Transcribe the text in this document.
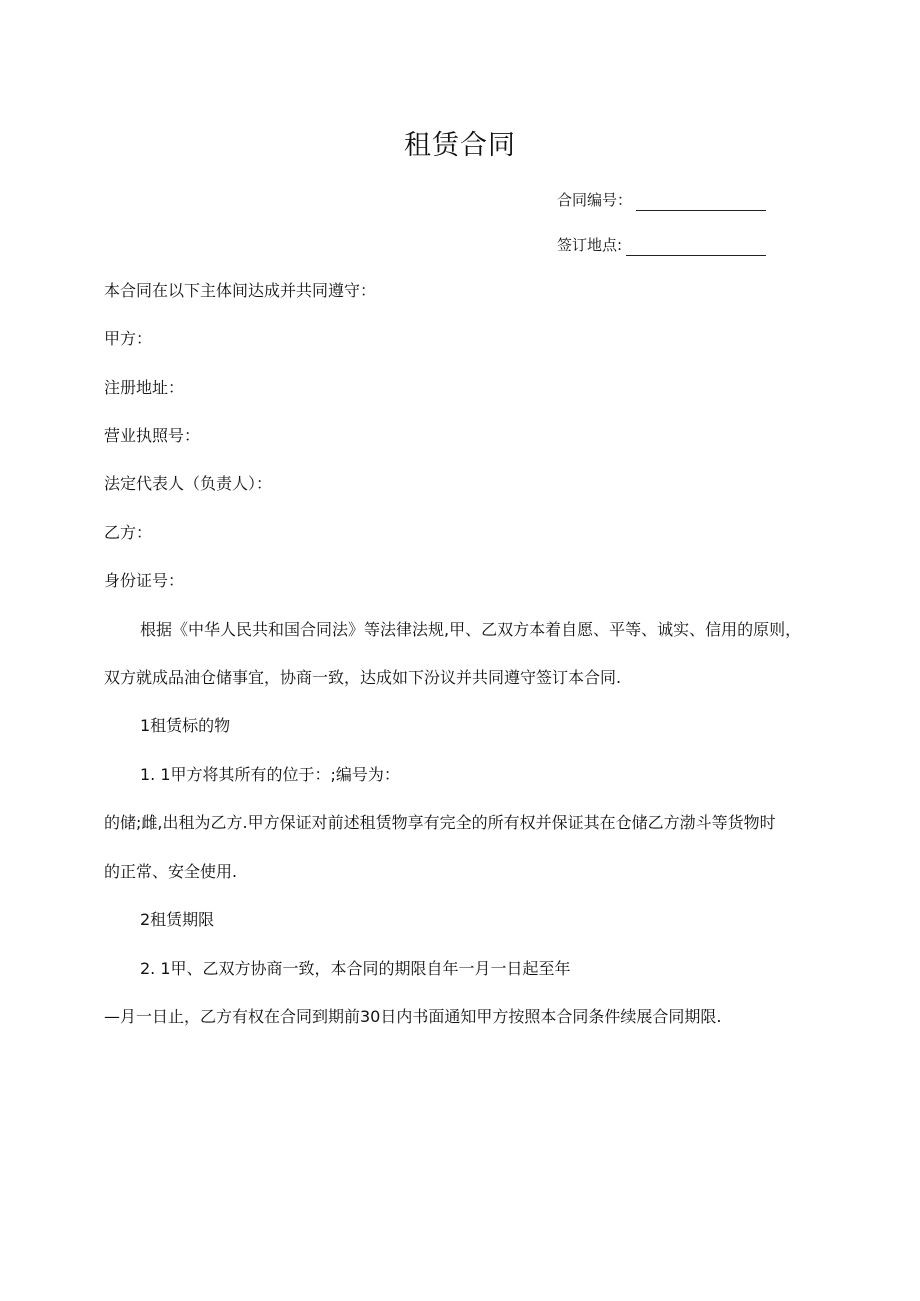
租赁合同
合同编号：
签订地点:
本合同在以下主体间达成并共同遵守：
甲方：
注册地址：
营业执照号：
法定代表人（负责人）：
乙方：
身份证号：
根据《中华人民共和国合同法》等法律法规,甲、乙双方本着自愿、平等、诚实、信用的原则，
双方就成品油仓储事宜，协商一致，达成如下汾议并共同遵守签订本合同.
1租赁标的物
1. 1甲方将其所有的位于：;编号为：
的储;雌,出租为乙方.甲方保证对前述租赁物享有完全的所有权并保证其在仓储乙方渤斗等货物时
的正常、安全使用.
2租赁期限
2. 1甲、乙双方协商一致，本合同的期限自年一月一日起至年
—月一日止，乙方有权在合同到期前30日内书面通知甲方按照本合同条件续展合同期限.
